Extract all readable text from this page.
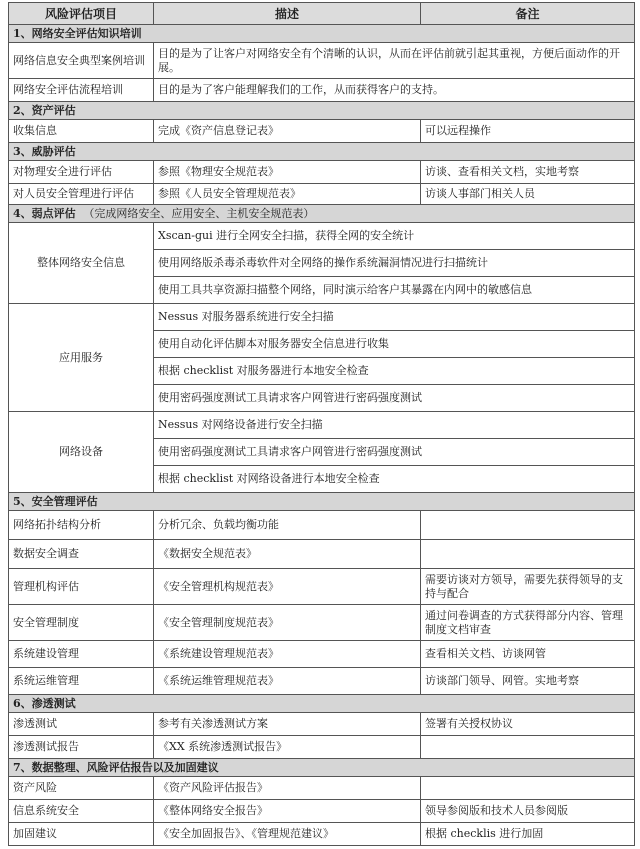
风险评估项目	描述	备注
1、网络安全评估知识培训		
网络信息安全典型案例培训	目的是为了让客户对网络安全有个清晰的认识，从而在评估前就引起其重视，方便后面动作的开展。	
网络安全评估流程培训	目的是为了客户能理解我们的工作，从而获得客户的支持。	
2、资产评估		
收集信息	完成《资产信息登记表》	可以远程操作
3、威胁评估		
对物理安全进行评估	参照《物理安全规范表》	访谈、查看相关文档，实地考察
对人员安全管理进行评估	参照《人员安全管理规范表》	访谈人事部门相关人员
4、弱点评估 （完成网络安全、应用安全、主机安全规范表）		
整体网络安全信息	Xscan-gui 进行全网安全扫描，获得全网的安全统计	
	使用网络版杀毒杀毒软件对全网络的操作系统漏洞情况进行扫描统计	
	使用工具共享资源扫描整个网络，同时演示给客户其暴露在内网中的敏感信息	
应用服务	Nessus 对服务器系统进行安全扫描	
	使用自动化评估脚本对服务器安全信息进行收集	
	根据 checklist 对服务器进行本地安全检查	
	使用密码强度测试工具请求客户网管进行密码强度测试	
网络设备	Nessus 对网络设备进行安全扫描	
	使用密码强度测试工具请求客户网管进行密码强度测试	
	根据 checklist 对网络设备进行本地安全检查	
5、安全管理评估		
网络拓扑结构分析	分析冗余、负载均衡功能	
数据安全调查	《数据安全规范表》	
管理机构评估	《安全管理机构规范表》	需要访谈对方领导，需要先获得领导的支持与配合
安全管理制度	《安全管理制度规范表》	通过问卷调查的方式获得部分内容、管理制度文档审查
系统建设管理	《系统建设管理规范表》	查看相关文档、访谈网管
系统运维管理	《系统运维管理规范表》	访谈部门领导、网管。实地考察
6、渗透测试		
渗透测试	参考有关渗透测试方案	签署有关授权协议
渗透测试报告	《XX 系统渗透测试报告》	
7、数据整理、风险评估报告以及加固建议		
资产风险	《资产风险评估报告》	
信息系统安全	《整体网络安全报告》	领导参阅版和技术人员参阅版
加固建议	《安全加固报告》、《管理规范建议》	根据 checklis 进行加固
